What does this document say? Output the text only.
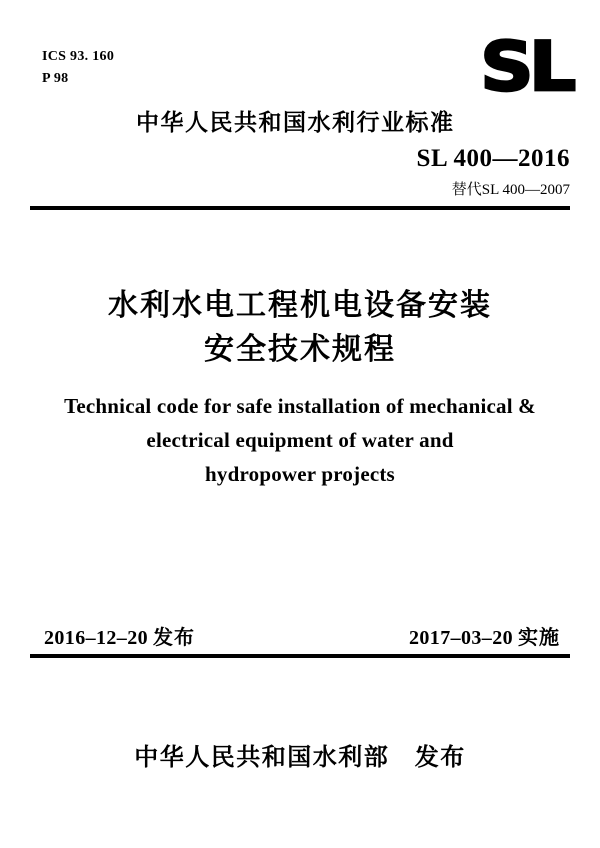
ICS 93. 160
P 98	SL
中华人民共和国水利行业标准
SL 400—2016
替代SL 400—2007
水利水电工程机电设备安装
安全技术规程
Technical code for safe installation of mechanical &
electrical equipment of water and
hydropower projects
2016–12–20 发布	2017–03–20 实施
中华人民共和国水利部　发布
